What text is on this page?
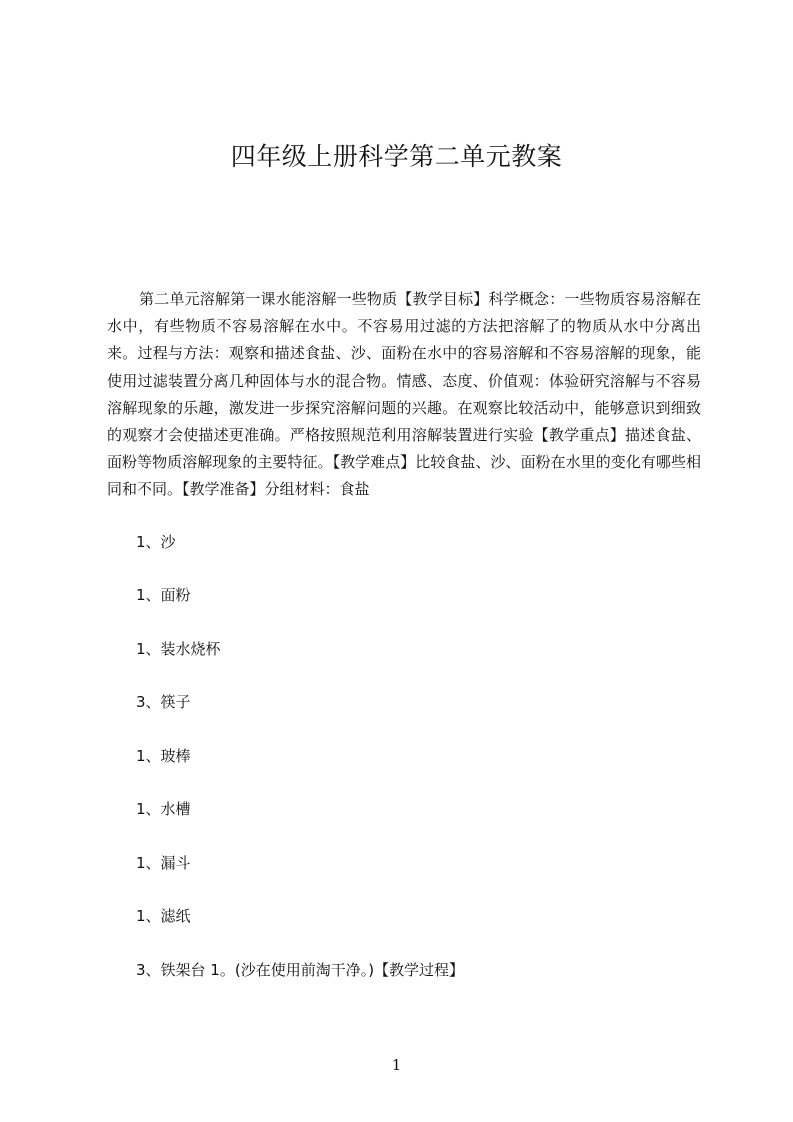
四年级上册科学第二单元教案

第二单元溶解第一课水能溶解一些物质【教学目标】科学概念：一些物质容易溶解在水中，有些物质不容易溶解在水中。不容易用过滤的方法把溶解了的物质从水中分离出来。过程与方法：观察和描述食盐、沙、面粉在水中的容易溶解和不容易溶解的现象，能使用过滤装置分离几种固体与水的混合物。情感、态度、价值观：体验研究溶解与不容易溶解现象的乐趣，激发进一步探究溶解问题的兴趣。在观察比较活动中，能够意识到细致的观察才会使描述更准确。严格按照规范利用溶解装置进行实验【教学重点】描述食盐、面粉等物质溶解现象的主要特征。【教学难点】比较食盐、沙、面粉在水里的变化有哪些相同和不同。【教学准备】分组材料：食盐

1、沙

1、面粉

1、装水烧杯

3、筷子

1、玻棒

1、水槽

1、漏斗

1、滤纸

3、铁架台 1。(沙在使用前淘干净。)【教学过程】

1
